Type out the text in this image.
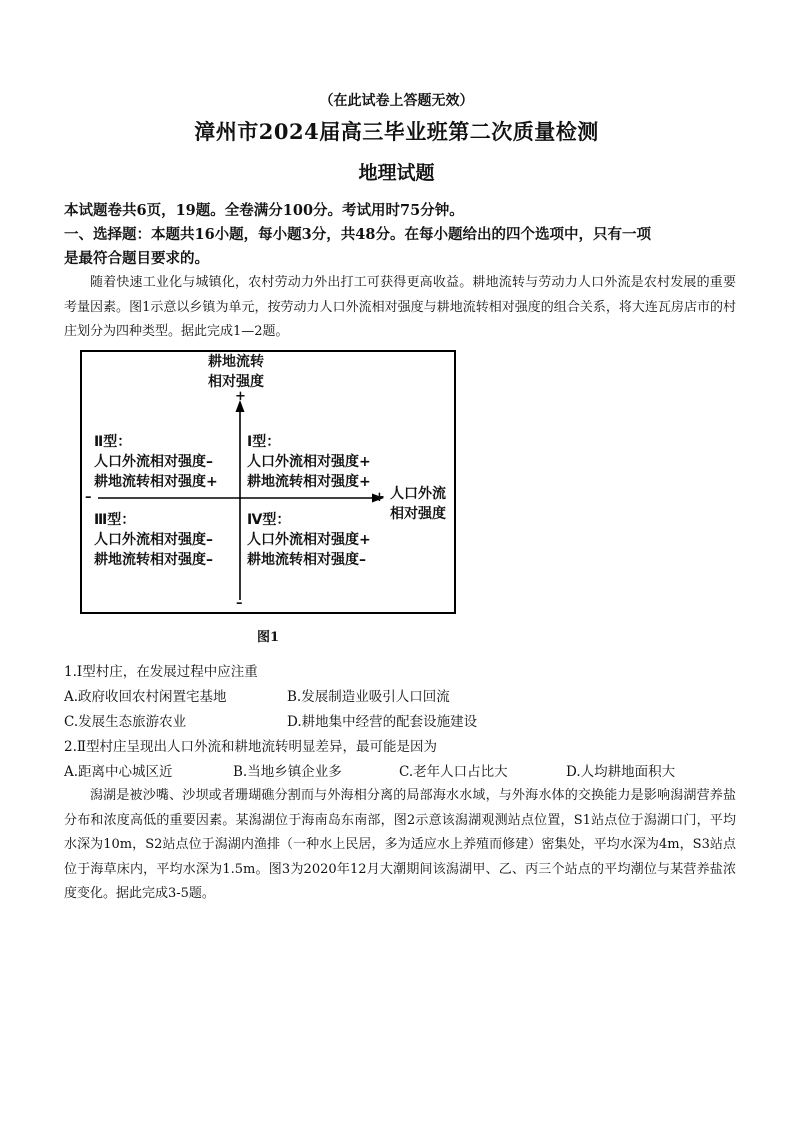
（在此试卷上答题无效）
漳州市2024届高三毕业班第二次质量检测
地理试题
本试题卷共6页，19题。全卷满分100分。考试用时75分钟。
一、选择题：本题共16小题，每小题3分，共48分。在每小题给出的四个选项中，只有一项
是最符合题目要求的。
随着快速工业化与城镇化，农村劳动力外出打工可获得更高收益。耕地流转与劳动力人口外流是农村发展的重要考量因素。图1示意以乡镇为单元，按劳动力人口外流相对强度与耕地流转相对强度的组合关系，将大连瓦房店市的村庄划分为四种类型。据此完成1—2题。
耕地流转
相对强度
+
–
–	+ 人口外流
相对强度
Ⅱ型：
人口外流相对强度–
耕地流转相对强度+
Ⅰ型：
人口外流相对强度+
耕地流转相对强度+
Ⅲ型：
人口外流相对强度–
耕地流转相对强度–
Ⅳ型：
人口外流相对强度+
耕地流转相对强度–
图1
1.Ⅰ型村庄，在发展过程中应注重
A.政府收回农村闲置宅基地	B.发展制造业吸引人口回流
C.发展生态旅游农业	D.耕地集中经营的配套设施建设
2.Ⅱ型村庄呈现出人口外流和耕地流转明显差异，最可能是因为
A.距离中心城区近	B.当地乡镇企业多	C.老年人口占比大	D.人均耕地面积大
潟湖是被沙嘴、沙坝或者珊瑚礁分割而与外海相分离的局部海水水域，与外海水体的交换能力是影响潟湖营养盐分布和浓度高低的重要因素。某潟湖位于海南岛东南部，图2示意该潟湖观测站点位置，S1站点位于潟湖口门，平均水深为10m，S2站点位于潟湖内渔排（一种水上民居，多为适应水上养殖而修建）密集处，平均水深为4m，S3站点位于海草床内，平均水深为1.5m。图3为2020年12月大潮期间该潟湖甲、乙、丙三个站点的平均潮位与某营养盐浓度变化。据此完成3-5题。
